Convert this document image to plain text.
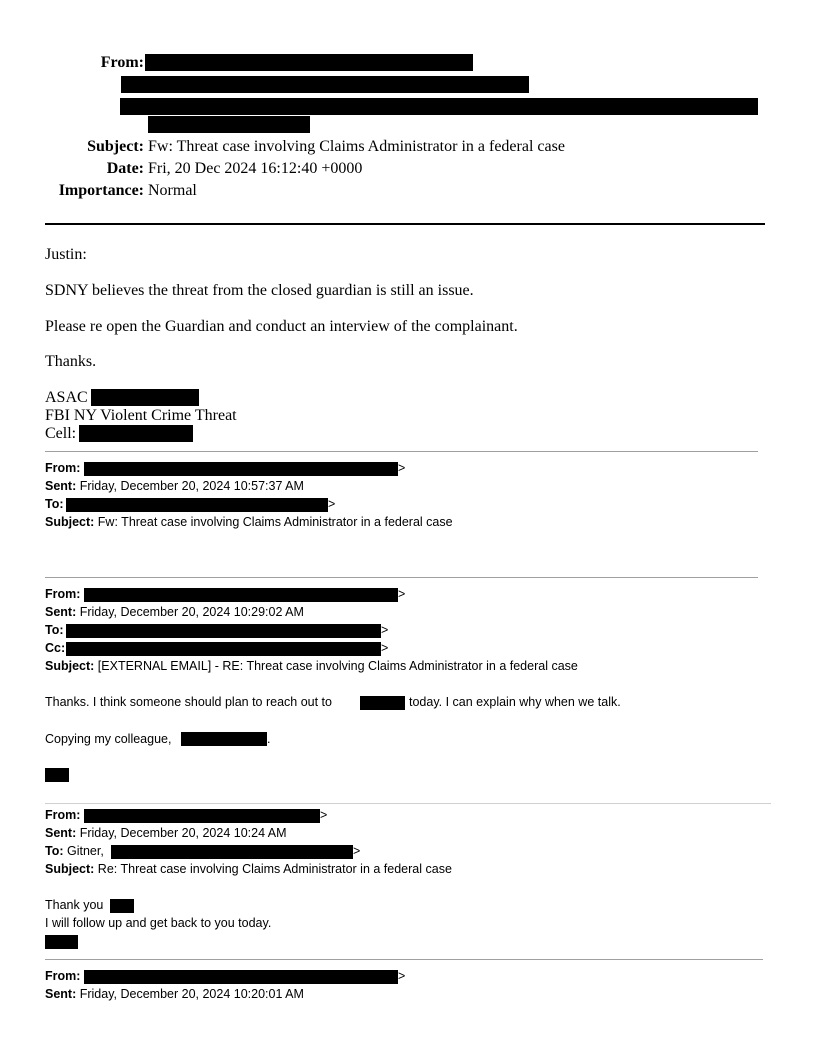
From:
Subject: Fw: Threat case involving Claims Administrator in a federal case
Date: Fri, 20 Dec 2024 16:12:40 +0000
Importance: Normal
Justin:
SDNY believes the threat from the closed guardian is still an issue.
Please re open the Guardian and conduct an interview of the complainant.
Thanks.
ASAC
FBI NY Violent Crime Threat
Cell:
From:	>
Sent: Friday, December 20, 2024 10:57:37 AM
To:	>
Subject: Fw: Threat case involving Claims Administrator in a federal case
From:	>
Sent: Friday, December 20, 2024 10:29:02 AM
To:	>
Cc:	>
Subject: [EXTERNAL EMAIL] - RE: Threat case involving Claims Administrator in a federal case
Thanks. I think someone should plan to reach out to	today. I can explain why when we talk.
Copying my colleague,	.
From:	>
Sent: Friday, December 20, 2024 10:24 AM
To: Gitner,	>
Subject: Re: Threat case involving Claims Administrator in a federal case
Thank you
I will follow up and get back to you today.
From:	>
Sent: Friday, December 20, 2024 10:20:01 AM
